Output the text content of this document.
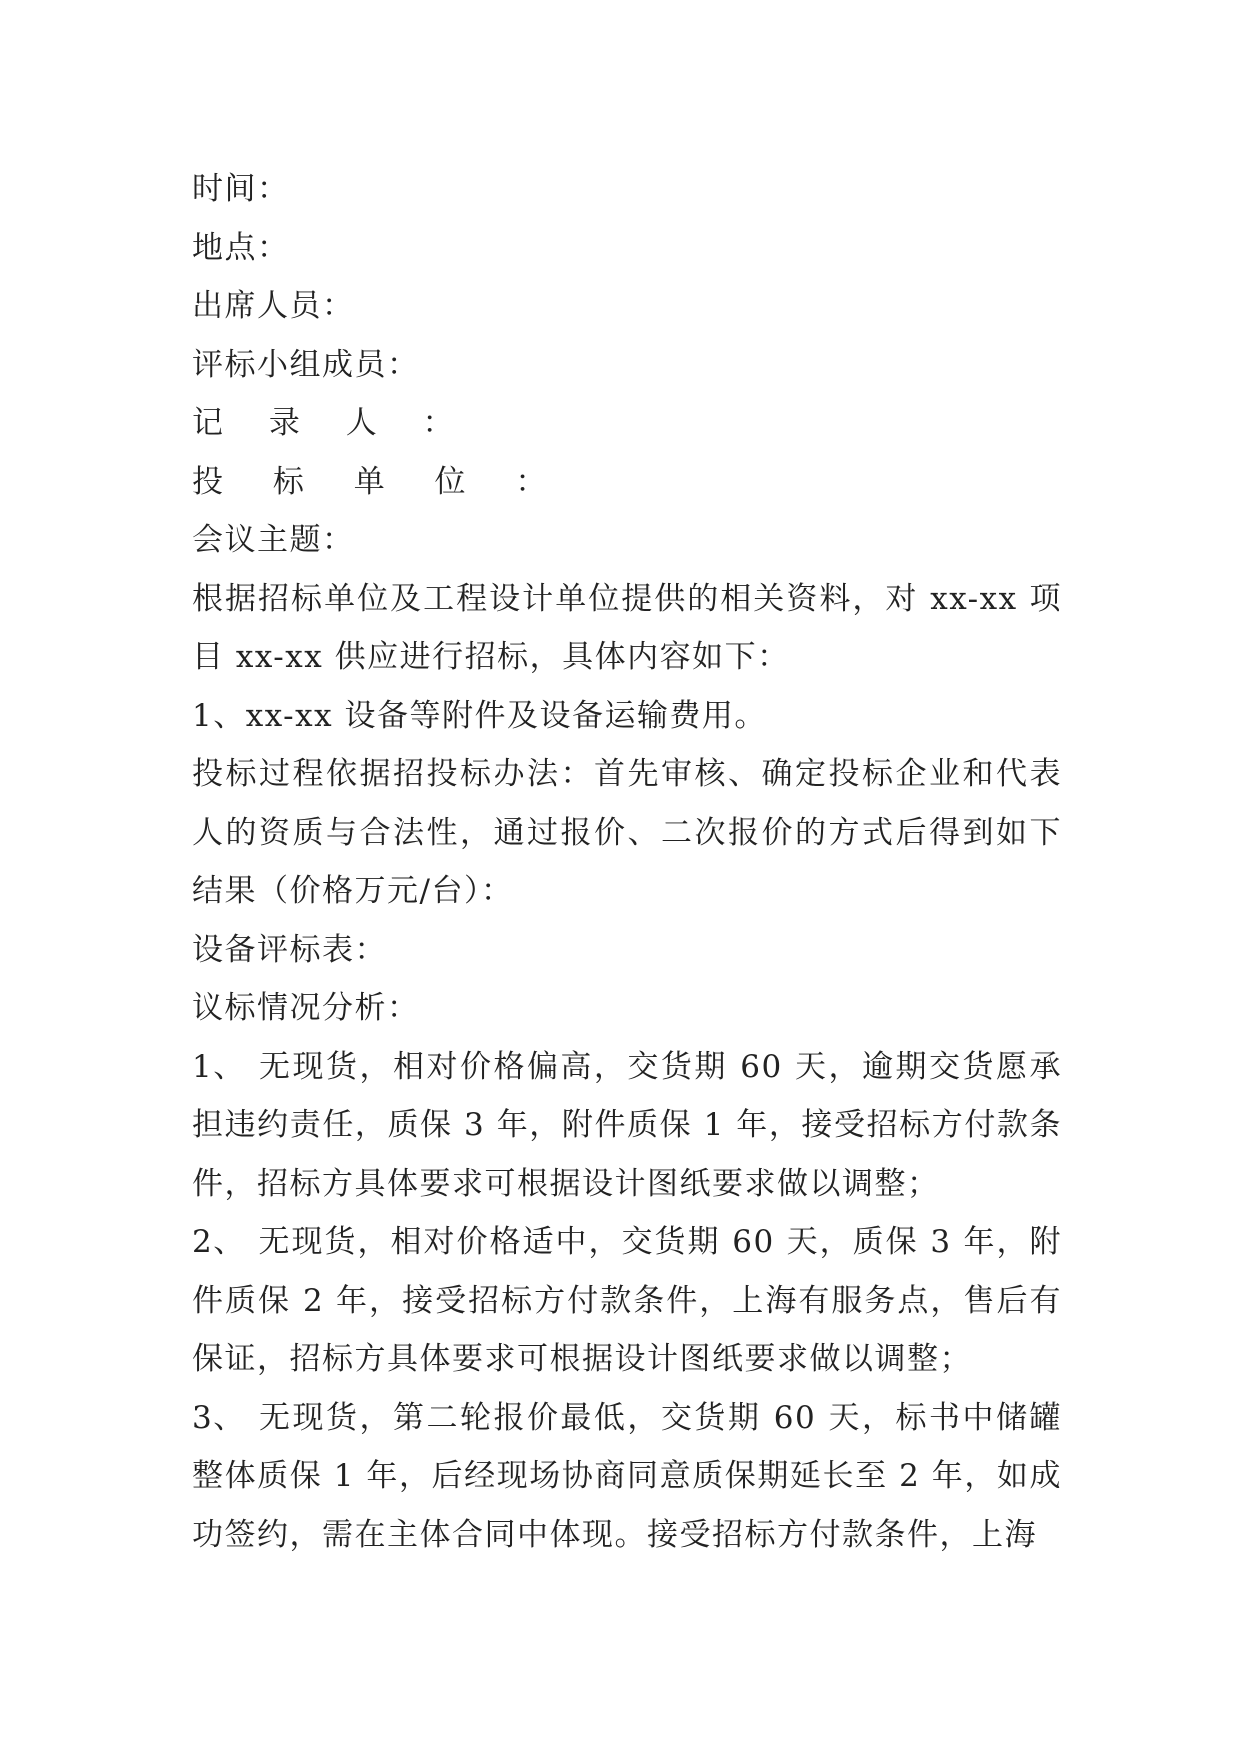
时间：
地点：
出席人员：
评标小组成员：
记 录 人 ：
投 标 单 位 ：
会议主题：
根据招标单位及工程设计单位提供的相关资料，对 xx-xx 项目 xx-xx 供应进行招标，具体内容如下：
1、xx-xx 设备等附件及设备运输费用。
投标过程依据招投标办法：首先审核、确定投标企业和代表人的资质与合法性，通过报价、二次报价的方式后得到如下结果（价格万元/台）：
设备评标表：
议标情况分析：
1、 无现货，相对价格偏高，交货期 60 天，逾期交货愿承担违约责任，质保 3 年，附件质保 1 年，接受招标方付款条件，招标方具体要求可根据设计图纸要求做以调整；
2、 无现货，相对价格适中，交货期 60 天，质保 3 年，附件质保 2 年，接受招标方付款条件，上海有服务点，售后有保证，招标方具体要求可根据设计图纸要求做以调整；
3、 无现货，第二轮报价最低，交货期 60 天，标书中储罐整体质保 1 年，后经现场协商同意质保期延长至 2 年，如成功签约，需在主体合同中体现。接受招标方付款条件，上海
